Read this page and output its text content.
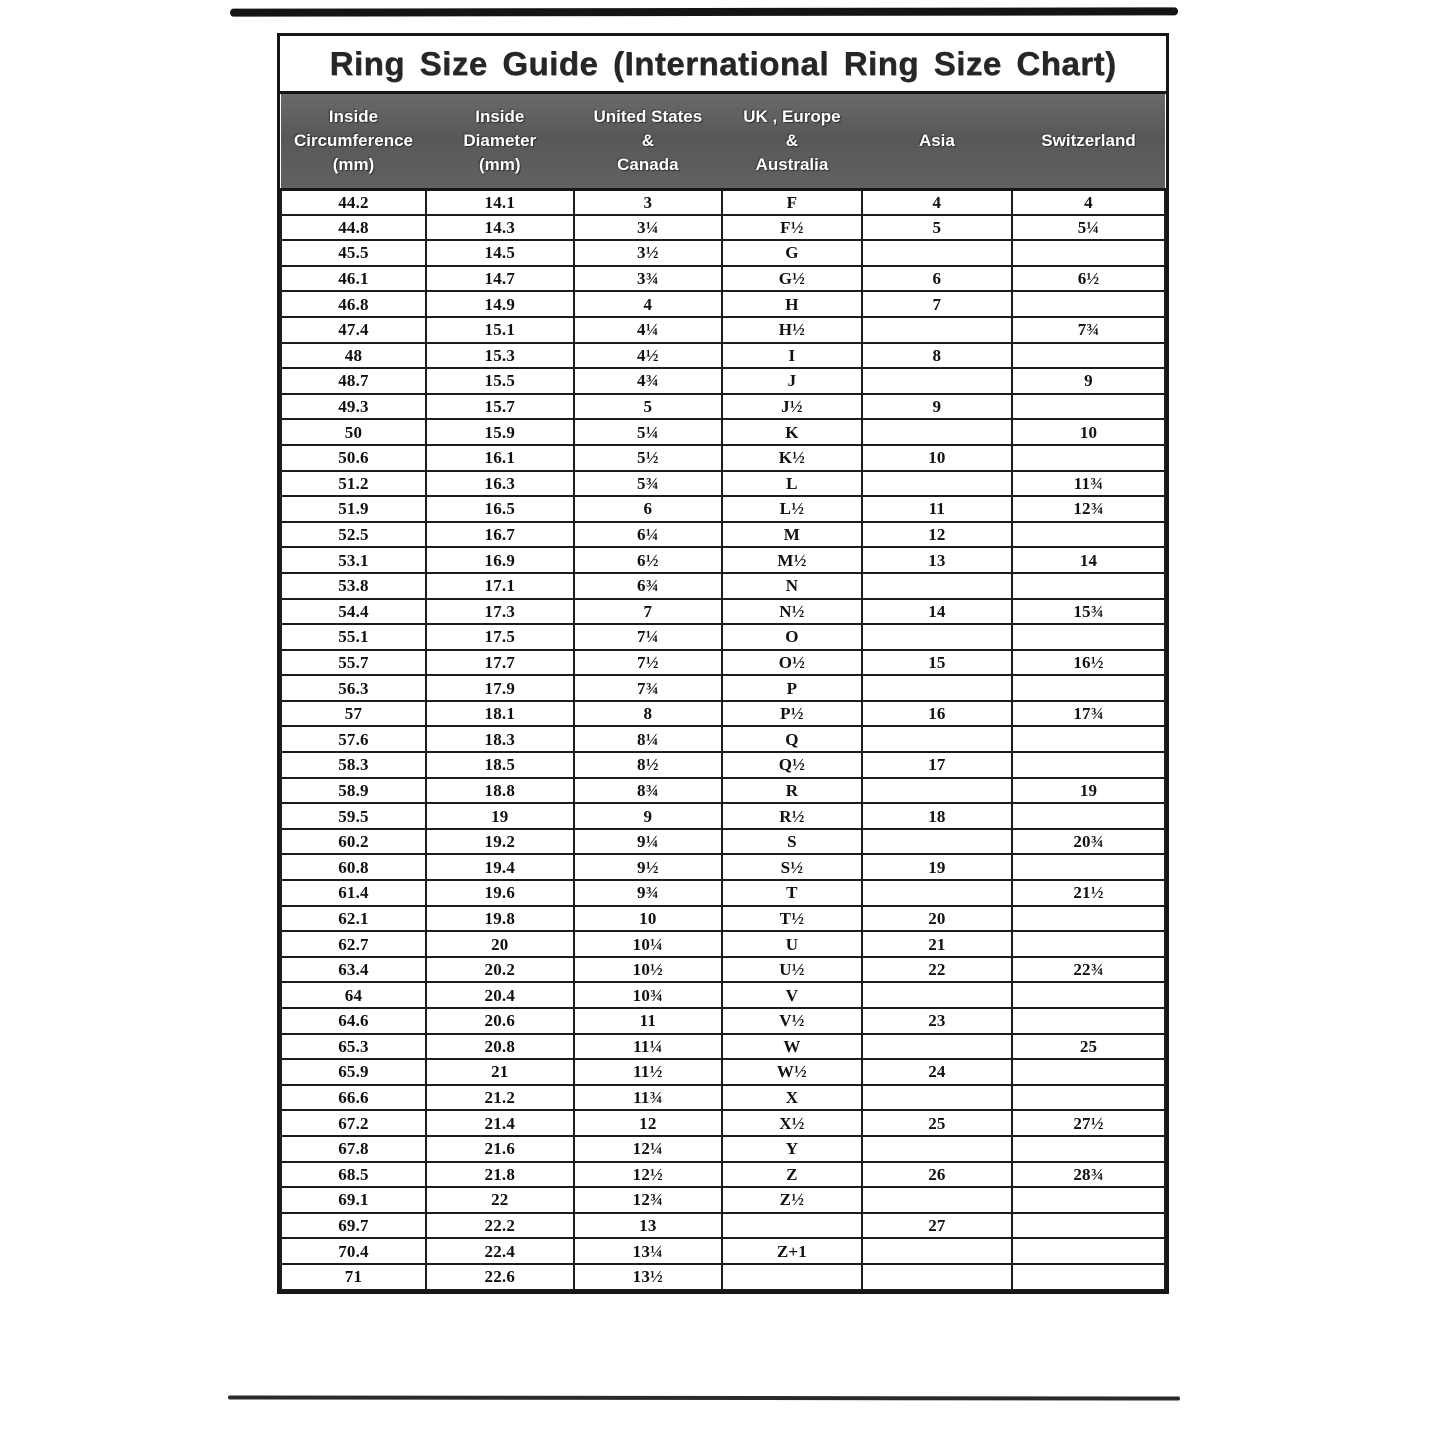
Ring Size Guide (International Ring Size Chart)
Inside
Circumference
(mm)	Inside
Diameter
(mm)	United States
&
Canada	UK , Europe
&
Australia	Asia	Switzerland
44.2	14.1	3	F	4	4
44.8	14.3	3¼	F½	5	5¼
45.5	14.5	3½	G		
46.1	14.7	3¾	G½	6	6½
46.8	14.9	4	H	7	
47.4	15.1	4¼	H½		7¾
48	15.3	4½	I	8	
48.7	15.5	4¾	J		9
49.3	15.7	5	J½	9	
50	15.9	5¼	K		10
50.6	16.1	5½	K½	10	
51.2	16.3	5¾	L		11¾
51.9	16.5	6	L½	11	12¾
52.5	16.7	6¼	M	12	
53.1	16.9	6½	M½	13	14
53.8	17.1	6¾	N		
54.4	17.3	7	N½	14	15¾
55.1	17.5	7¼	O		
55.7	17.7	7½	O½	15	16½
56.3	17.9	7¾	P		
57	18.1	8	P½	16	17¾
57.6	18.3	8¼	Q		
58.3	18.5	8½	Q½	17	
58.9	18.8	8¾	R		19
59.5	19	9	R½	18	
60.2	19.2	9¼	S		20¾
60.8	19.4	9½	S½	19	
61.4	19.6	9¾	T		21½
62.1	19.8	10	T½	20	
62.7	20	10¼	U	21	
63.4	20.2	10½	U½	22	22¾
64	20.4	10¾	V		
64.6	20.6	11	V½	23	
65.3	20.8	11¼	W		25
65.9	21	11½	W½	24	
66.6	21.2	11¾	X		
67.2	21.4	12	X½	25	27½
67.8	21.6	12¼	Y		
68.5	21.8	12½	Z	26	28¾
69.1	22	12¾	Z½		
69.7	22.2	13		27	
70.4	22.4	13¼	Z+1		
71	22.6	13½			
